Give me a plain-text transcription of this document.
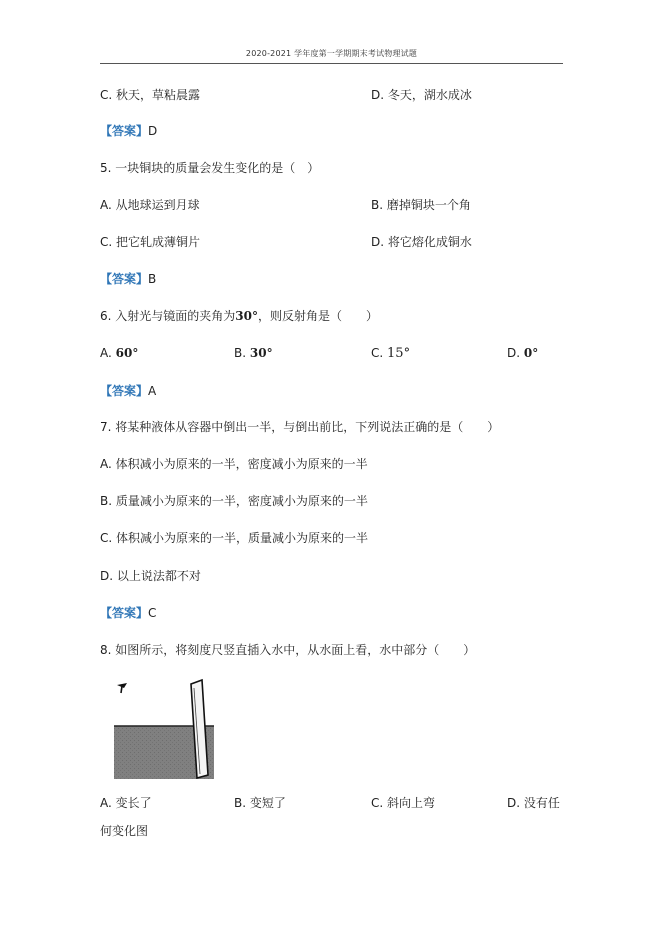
2020-2021 学年度第一学期期末考试物理试题
C. 秋天，草粘晨露	D. 冬天，湖水成冰
【答案】D
5. 一块铜块的质量会发生变化的是（　）
A. 从地球运到月球	B. 磨掉铜块一个角
C. 把它轧成薄铜片	D. 将它熔化成铜水
【答案】B
6. 入射光与镜面的夹角为30°，则反射角是（　　）
A. 60°	B. 30°	C. 15°	D. 0°
【答案】A
7. 将某种液体从容器中倒出一半，与倒出前比，下列说法正确的是（　　）
A. 体积减小为原来的一半，密度减小为原来的一半
B. 质量减小为原来的一半，密度减小为原来的一半
C. 体积减小为原来的一半，质量减小为原来的一半
D. 以上说法都不对
【答案】C
8. 如图所示，将刻度尺竖直插入水中，从水面上看，水中部分（　　）
A. 变长了	B. 变短了	C. 斜向上弯	D. 没有任
何变化图
